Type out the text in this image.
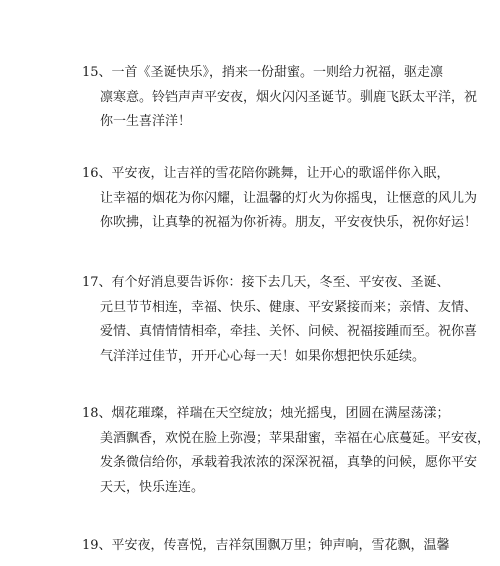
15、一首《圣诞快乐》，捎来一份甜蜜。一则给力祝福，驱走凛
凛寒意。铃铛声声平安夜，烟火闪闪圣诞节。驯鹿飞跃太平洋，祝
你一生喜洋洋！

16、平安夜，让吉祥的雪花陪你跳舞，让开心的歌谣伴你入眠，
让幸福的烟花为你闪耀，让温馨的灯火为你摇曳，让惬意的风儿为
你吹拂，让真挚的祝福为你祈祷。朋友，平安夜快乐，祝你好运！

17、有个好消息要告诉你：接下去几天，冬至、平安夜、圣诞、
元旦节节相连，幸福、快乐、健康、平安紧接而来；亲情、友情、
爱情、真情情情相牵，牵挂、关怀、问候、祝福接踵而至。祝你喜
气洋洋过佳节，开开心心每一天！如果你想把快乐延续。

18、烟花璀璨，祥瑞在天空绽放；烛光摇曳，团圆在满屋荡漾；
美酒飘香，欢悦在脸上弥漫；苹果甜蜜，幸福在心底蔓延。平安夜，
发条微信给你，承载着我浓浓的深深祝福，真挚的问候，愿你平安
天天，快乐连连。

19、平安夜，传喜悦，吉祥氛围飘万里；钟声响，雪花飘，温馨
